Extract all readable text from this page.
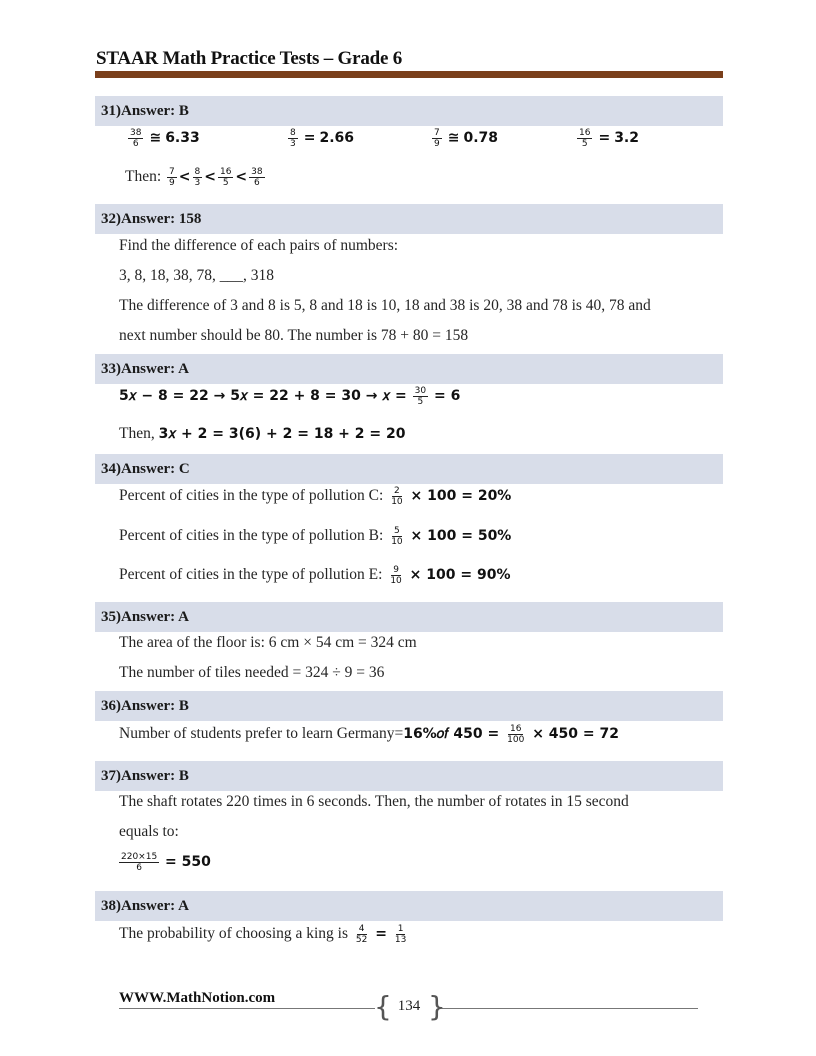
STAAR Math Practice Tests – Grade 6
31)Answer: B
$\frac{38}{6}$ ≅ 6.33	$\frac{8}{3} = 2.66$	$\frac{7}{9}$ ≅ 0.78	$\frac{16}{5} = 3.2$
Then: $\frac{7}{9} < \frac{8}{3} < \frac{16}{5} < \frac{38}{6}$
32)Answer: 158
Find the difference of each pairs of numbers:
3, 8, 18, 38, 78, ___, 318
The difference of 3 and 8 is 5, 8 and 18 is 10, 18 and 38 is 20, 38 and 78 is 40, 78 and
next number should be 80. The number is 78 + 80 = 158
33)Answer: A
5𝑥 − 8 = 22 → 5𝑥 = 22 + 8 = 30 → 𝑥 = $\frac{30}{5} = 6$
Then, 3𝑥 + 2 = 3(6) + 2 = 18 + 2 = 20
34)Answer: C
Percent of cities in the type of pollution C: $\frac{2}{10} \times 100 = 20\%$
Percent of cities in the type of pollution B: $\frac{5}{10} \times 100 = 50\%$
Percent of cities in the type of pollution E: $\frac{9}{10} \times 100 = 90\%$
35)Answer: A
The area of the floor is: 6 cm × 54 cm = 324 cm
The number of tiles needed = 324 ÷ 9 = 36
36)Answer: B
Number of students prefer to learn Germany=16%𝑜𝑓 $450 = \frac{16}{100} \times 450 = 72$
37)Answer: B
The shaft rotates 220 times in 6 seconds. Then, the number of rotates in 15 second
equals to:
$\frac{220\times 15}{6} = 550$
38)Answer: A
The probability of choosing a king is $\frac{4}{52} = \frac{1}{13}$
WWW.MathNotion.com	{ 134 }
